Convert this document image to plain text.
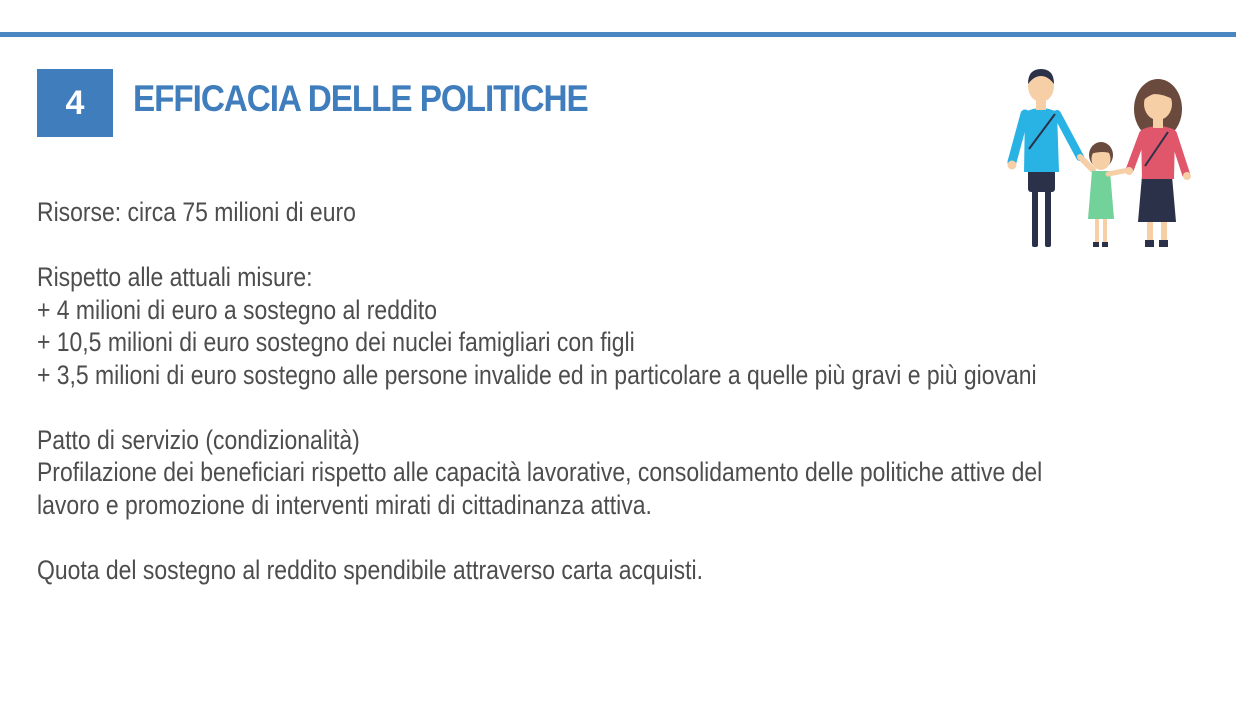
4	EFFICACIA DELLE POLITICHE

Risorse: circa 75 milioni di euro

Rispetto alle attuali misure:

+ 4 milioni di euro a sostegno al reddito

+ 10,5 milioni di euro sostegno dei nuclei famigliari con figli

+ 3,5 milioni di euro sostegno alle persone invalide ed in particolare a quelle più gravi e più giovani

Patto di servizio (condizionalità)

Profilazione dei beneficiari rispetto alle capacità lavorative, consolidamento delle politiche attive del lavoro e promozione di interventi mirati di cittadinanza attiva.

Quota del sostegno al reddito spendibile attraverso carta acquisti.
